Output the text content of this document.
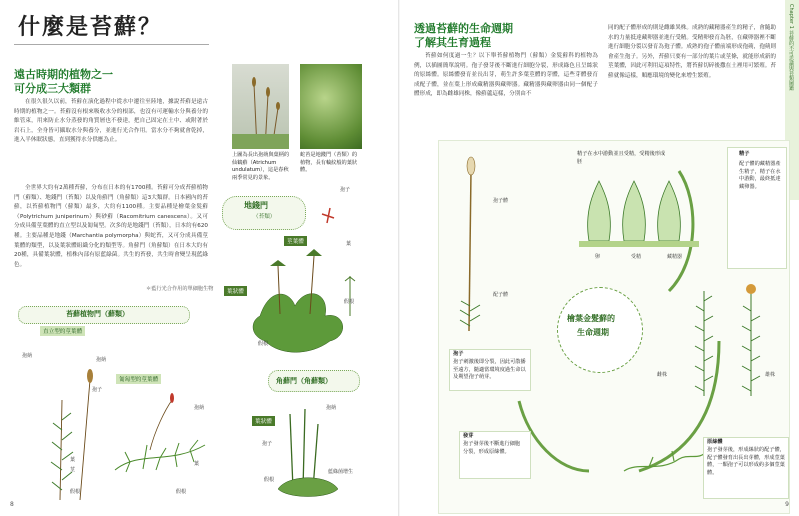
什麼是苔蘚？
遠古時期的植物之一
可分成三大類群
在很久很久以前，苔蘚在演化過程中從水中遷往至陸地，據說苔蘚是遠古時期的植物之一。苔蘚沒有根來吸收水分的根部，也沒有可運輸水分與養分的維管束，用來防止水分蒸發的角質層也不發達，把自己固定在土中、或附著於岩石上，全身皆可攝取水分與養分，並進行光合作用。當水分不夠就會乾掉，進入半休眠狀態，直到獲得水分供應為止。
全世界大約有2萬種苔蘚，分布在日本的有1700種。苔蘚可分成苔蘚植物門（蘚類）、地錢門（苔類）以及角蘚門（角蘚類）這3大類群。日本國內的苔蘚，以苔蘚植物門（蘚類）最多，大約有1100種。主要品種是檜葉金髮蘚（Polytrichum juniperinum）與砂蘚（Racomitrium canescens）。又可分成具備莖葉體的直立型以及匍匐型。次多的是地錢門（苔類），日本約有620種。主要品種是地錢（Marchantia polymorpha）與蛇苔，又可分成具備莖葉體的類型，以及葉狀體組織分化的類型等。角蘚門（角蘚類）在日本大約有20種，具備葉狀體，植株內部有原藍綠菌。共生的苔發，共生時會變呈現藍綠色。
＊藍行光合作用的單細胞生物
上圖為長出孢蒴與葉柄的仙鶴蘚（Atrichum undulatum），這是春秋兩季常見的景象。
蛇苔是地錢門（苔類）的植物，長有輪紋般的葉狀體。
地錢門
（苔類）
莖葉體
葉狀體
孢子
葉
假根
假根
角蘚門（角蘚類）
葉狀體
孢蒴
孢子
藍綠菌增生
假根
苔蘚植物門（蘚類）
直立型的莖葉體
匍匐型的莖葉體
孢蒴
孢子
孢蒴
葉
莖
假根
孢蒴
葉
假根
8
透過苔蘚的生命週期
了解其生育過程
苔蘚如何度過一生？以下舉苔蘚植物門（蘚類）金髮蘚科的植物為例，以插圖簡單說明。孢子發芽後不斷進行細胞分裂，形成綠色且呈絲狀的原絲體。原絲體發育並長出芽，萌生許多葉莖體的芽體，這些芽體發育成配子體，並在葉上形成藏精器與藏卵器。藏精器與藏卵器由同一個配子體形成，即為雌雄同株，像蘚蘆這樣，分別由不
同的配子體形成的則是雌雄異株。成熟的藏精器產生的精子，會隨助水的力量抵達藏卵器並進行受精。受精卵發育為胚，在藏卵器裡不斷進行細胞分裂以發育為孢子體。成熟的孢子體前端形成孢蒴，孢蒴則會產生孢子。另外，苔蘚只要有一部分的葉片或莖條，就能形成新的莖葉體，因此可利用這項特性，將苔蘚切碎後撒在土裡用可繁殖。苔蘚就像這樣，順應環境的變化來增生繁殖。	Chapter 1 苔蘚的不可思議與苔類圖鑑
檜葉金髮蘚的
生命週期
精子在水中游動並且受精，受精後形成胚
卵	受精	藏精器
精子
配子體的藏精器產生精子，精子在水中游動，最終抵達藏卵器。
孢子體
配子體
雌株	雄株
孢子
孢子刺激後即分裂，因此可散播至遠方，隨適當環境度過生命以及期望孢子萌芽。
發芽
孢子發芽後不斷進行細胞分裂，形成原絲體。
原絲體
孢子發芽後，形成絲狀的配子體，配子體發育出長出芽體，形成莖葉體，一顆孢子可以形成約多個莖葉體。
9
